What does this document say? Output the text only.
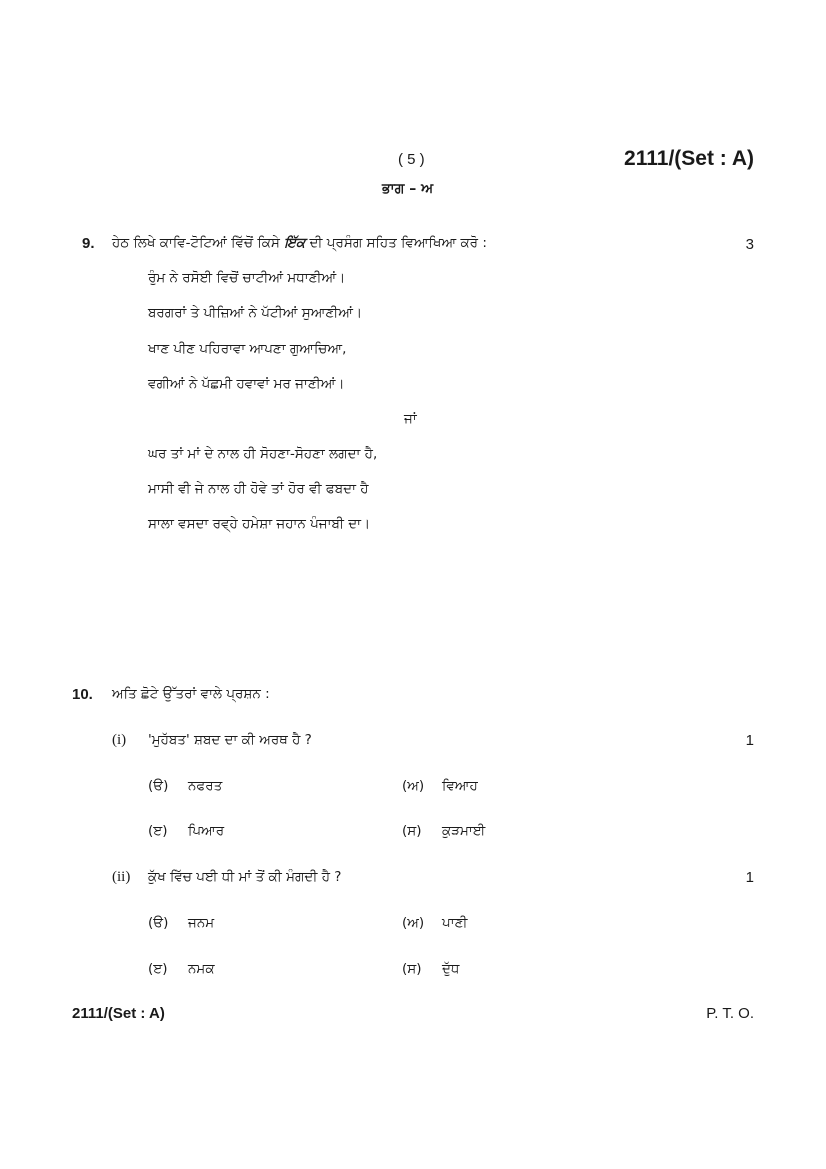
( 5 )	2111/(Set : A)
ਭਾਗ – ਅ
9. ਹੇਠ ਲਿਖੇ ਕਾਵਿ-ਟੋਟਿਆਂ ਵਿੱਚੋਂ ਕਿਸੇ ਇੱਕ ਦੀ ਪ੍ਰਸੰਗ ਸਹਿਤ ਵਿਆਖਿਆ ਕਰੋ :	3
ਰੁੰਮ ਨੇ ਰਸੋਈ ਵਿਚੋਂ ਚਾਟੀਆਂ ਮਧਾਣੀਆਂ।
ਬਰਗਰਾਂ ਤੇ ਪੀਜ਼ਿਆਂ ਨੇ ਪੱਟੀਆਂ ਸੁਆਣੀਆਂ।
ਖਾਣ ਪੀਣ ਪਹਿਰਾਵਾ ਆਪਣਾ ਗੁਆਚਿਆ,
ਵਗੀਆਂ ਨੇ ਪੱਛਮੀ ਹਵਾਵਾਂ ਮਰ ਜਾਣੀਆਂ।
ਜਾਂ
ਘਰ ਤਾਂ ਮਾਂ ਦੇ ਨਾਲ ਹੀ ਸੋਹਣਾ-ਸੋਹਣਾ ਲਗਦਾ ਹੈ,
ਮਾਸੀ ਵੀ ਜੇ ਨਾਲ ਹੀ ਹੋਵੇ ਤਾਂ ਹੋਰ ਵੀ ਫਬਦਾ ਹੈ
ਸਾਲਾ ਵਸਦਾ ਰਵ੍ਹੇ ਹਮੇਸ਼ਾ ਜਹਾਨ ਪੰਜਾਬੀ ਦਾ।
10. ਅਤਿ ਛੋਟੇ ਉੱਤਰਾਂ ਵਾਲੇ ਪ੍ਰਸ਼ਨ :
(i) 'ਮੁਹੱਬਤ' ਸ਼ਬਦ ਦਾ ਕੀ ਅਰਥ ਹੈ ?	1
(ੳ) ਨਫਰਤ	(ਅ) ਵਿਆਹ
(ੲ) ਪਿਆਰ	(ਸ) ਕੁੜਮਾਈ
(ii) ਕੁੱਖ ਵਿੱਚ ਪਈ ਧੀ ਮਾਂ ਤੋਂ ਕੀ ਮੰਗਦੀ ਹੈ ?	1
(ੳ) ਜਨਮ	(ਅ) ਪਾਣੀ
(ੲ) ਨਮਕ	(ਸ) ਦੁੱਧ
2111/(Set : A)	P. T. O.
